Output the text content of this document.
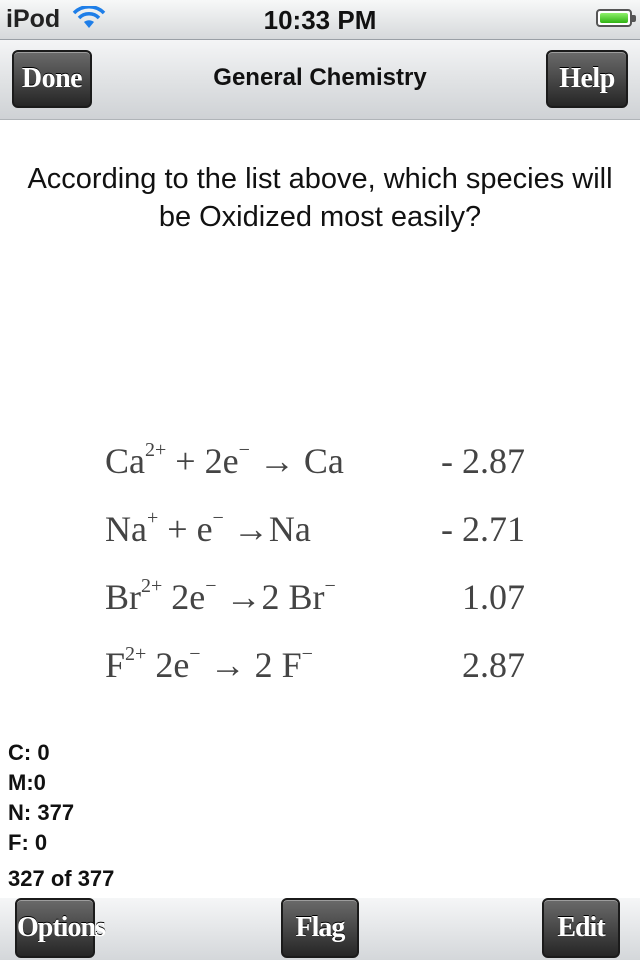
iPod	10:33 PM
Done	General Chemistry	Help
According to the list above, which species will be Oxidized most easily?
$Ca^{2+} + 2e^- \to Ca$	- 2.87
Na+ + e− →Na	- 2.71
$Br^{2+}$ 2e− →2 Br−	1.07
$F^{2+}$ 2e− → 2 F−	2.87
C: 0
M:0
N: 377
F: 0
327 of 377
Options	Flag	Edit
